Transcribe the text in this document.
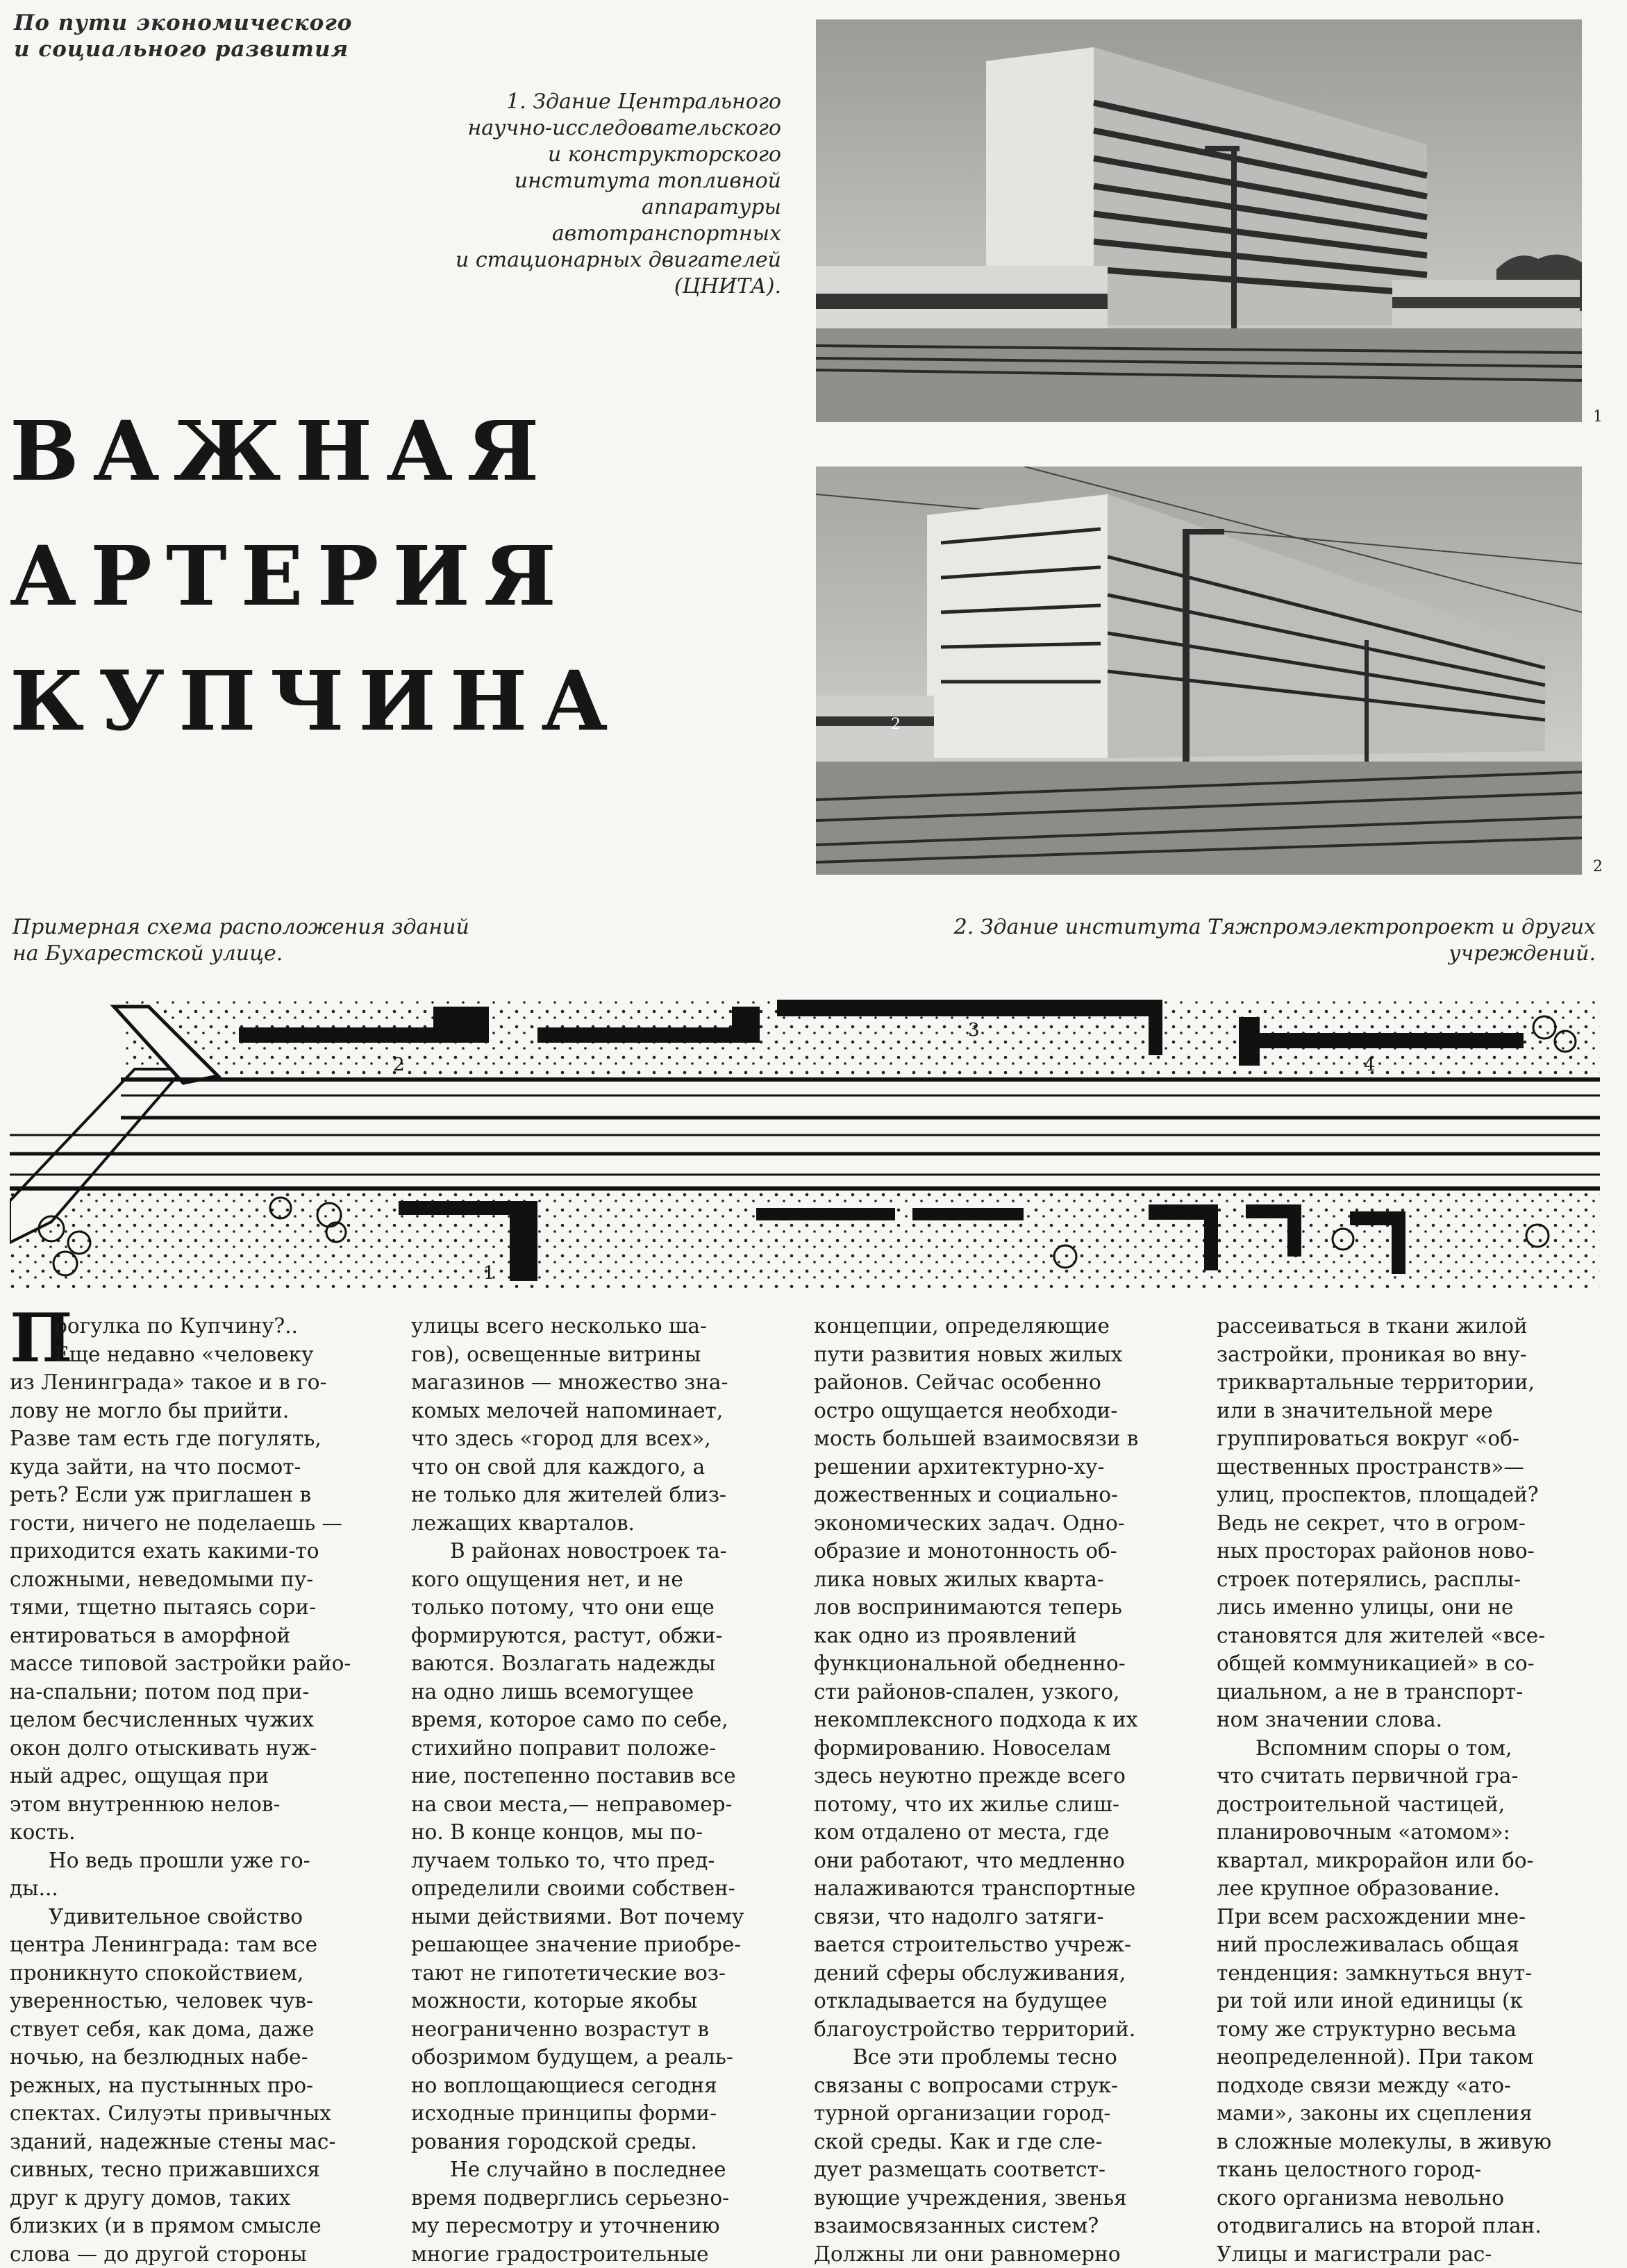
По пути экономического
и социального развития
1. Здание Центрального
научно-исследовательского
и конструкторского
института топливной
аппаратуры
автотранспортных
и стационарных двигателей
(ЦНИТА).
1
ВАЖНАЯ
АРТЕРИЯ
КУПЧИНА	2
2
Примерная схема расположения зданий
на Бухарестской улице.
2. Здание института Тяжпромэлектропроект и других
учреждений.
1
2
3
4
П
рогулка по Купчину?..
Еще недавно «человеку
из Ленинграда» такое и в го-
лову не могло бы прийти.
Разве там есть где погулять,
куда зайти, на что посмот-
реть? Если уж приглашен в
гости, ничего не поделаешь —
приходится ехать какими-то
сложными, неведомыми пу-
тями, тщетно пытаясь сори-
ентироваться в аморфной
массе типовой застройки райо-
на-спальни; потом под при-
целом бесчисленных чужих
окон долго отыскивать нуж-
ный адрес, ощущая при
этом внутреннюю нелов-
кость.
Но ведь прошли уже го-
ды...
Удивительное свойство
центра Ленинграда: там все
проникнуто спокойствием,
уверенностью, человек чув-
ствует себя, как дома, даже
ночью, на безлюдных набе-
режных, на пустынных про-
спектах. Силуэты привычных
зданий, надежные стены мас-
сивных, тесно прижавшихся
друг к другу домов, таких
близких (и в прямом смысле
слова — до другой стороны
улицы всего несколько ша-
гов), освещенные витрины
магазинов — множество зна-
комых мелочей напоминает,
что здесь «город для всех»,
что он свой для каждого, а
не только для жителей близ-
лежащих кварталов.
В районах новостроек та-
кого ощущения нет, и не
только потому, что они еще
формируются, растут, обжи-
ваются. Возлагать надежды
на одно лишь всемогущее
время, которое само по себе,
стихийно поправит положе-
ние, постепенно поставив все
на свои места,— неправомер-
но. В конце концов, мы по-
лучаем только то, что пред-
определили своими собствен-
ными действиями. Вот почему
решающее значение приобре-
тают не гипотетические воз-
можности, которые якобы
неограниченно возрастут в
обозримом будущем, а реаль-
но воплощающиеся сегодня
исходные принципы форми-
рования городской среды.
Не случайно в последнее
время подверглись серьезно-
му пересмотру и уточнению
многие градостроительные
концепции, определяющие
пути развития новых жилых
районов. Сейчас особенно
остро ощущается необходи-
мость большей взаимосвязи в
решении архитектурно-ху-
дожественных и социально-
экономических задач. Одно-
образие и монотонность об-
лика новых жилых кварта-
лов воспринимаются теперь
как одно из проявлений
функциональной обедненно-
сти районов-спален, узкого,
некомплексного подхода к их
формированию. Новоселам
здесь неуютно прежде всего
потому, что их жилье слиш-
ком отдалено от места, где
они работают, что медленно
налаживаются транспортные
связи, что надолго затяги-
вается строительство учреж-
дений сферы обслуживания,
откладывается на будущее
благоустройство территорий.
Все эти проблемы тесно
связаны с вопросами струк-
турной организации город-
ской среды. Как и где сле-
дует размещать соответст-
вующие учреждения, звенья
взаимосвязанных систем?
Должны ли они равномерно
рассеиваться в ткани жилой
застройки, проникая во вну-
триквартальные территории,
или в значительной мере
группироваться вокруг «об-
щественных пространств»—
улиц, проспектов, площадей?
Ведь не секрет, что в огром-
ных просторах районов ново-
строек потерялись, расплы-
лись именно улицы, они не
становятся для жителей «все-
общей коммуникацией» в со-
циальном, а не в транспорт-
ном значении слова.
Вспомним споры о том,
что считать первичной гра-
достроительной частицей,
планировочным «атомом»:
квартал, микрорайон или бо-
лее крупное образование.
При всем расхождении мне-
ний прослеживалась общая
тенденция: замкнуться внут-
ри той или иной единицы (к
тому же структурно весьма
неопределенной). При таком
подходе связи между «ато-
мами», законы их сцепления
в сложные молекулы, в живую
ткань целостного город-
ского организма невольно
отодвигались на второй план.
Улицы и магистрали рас-
